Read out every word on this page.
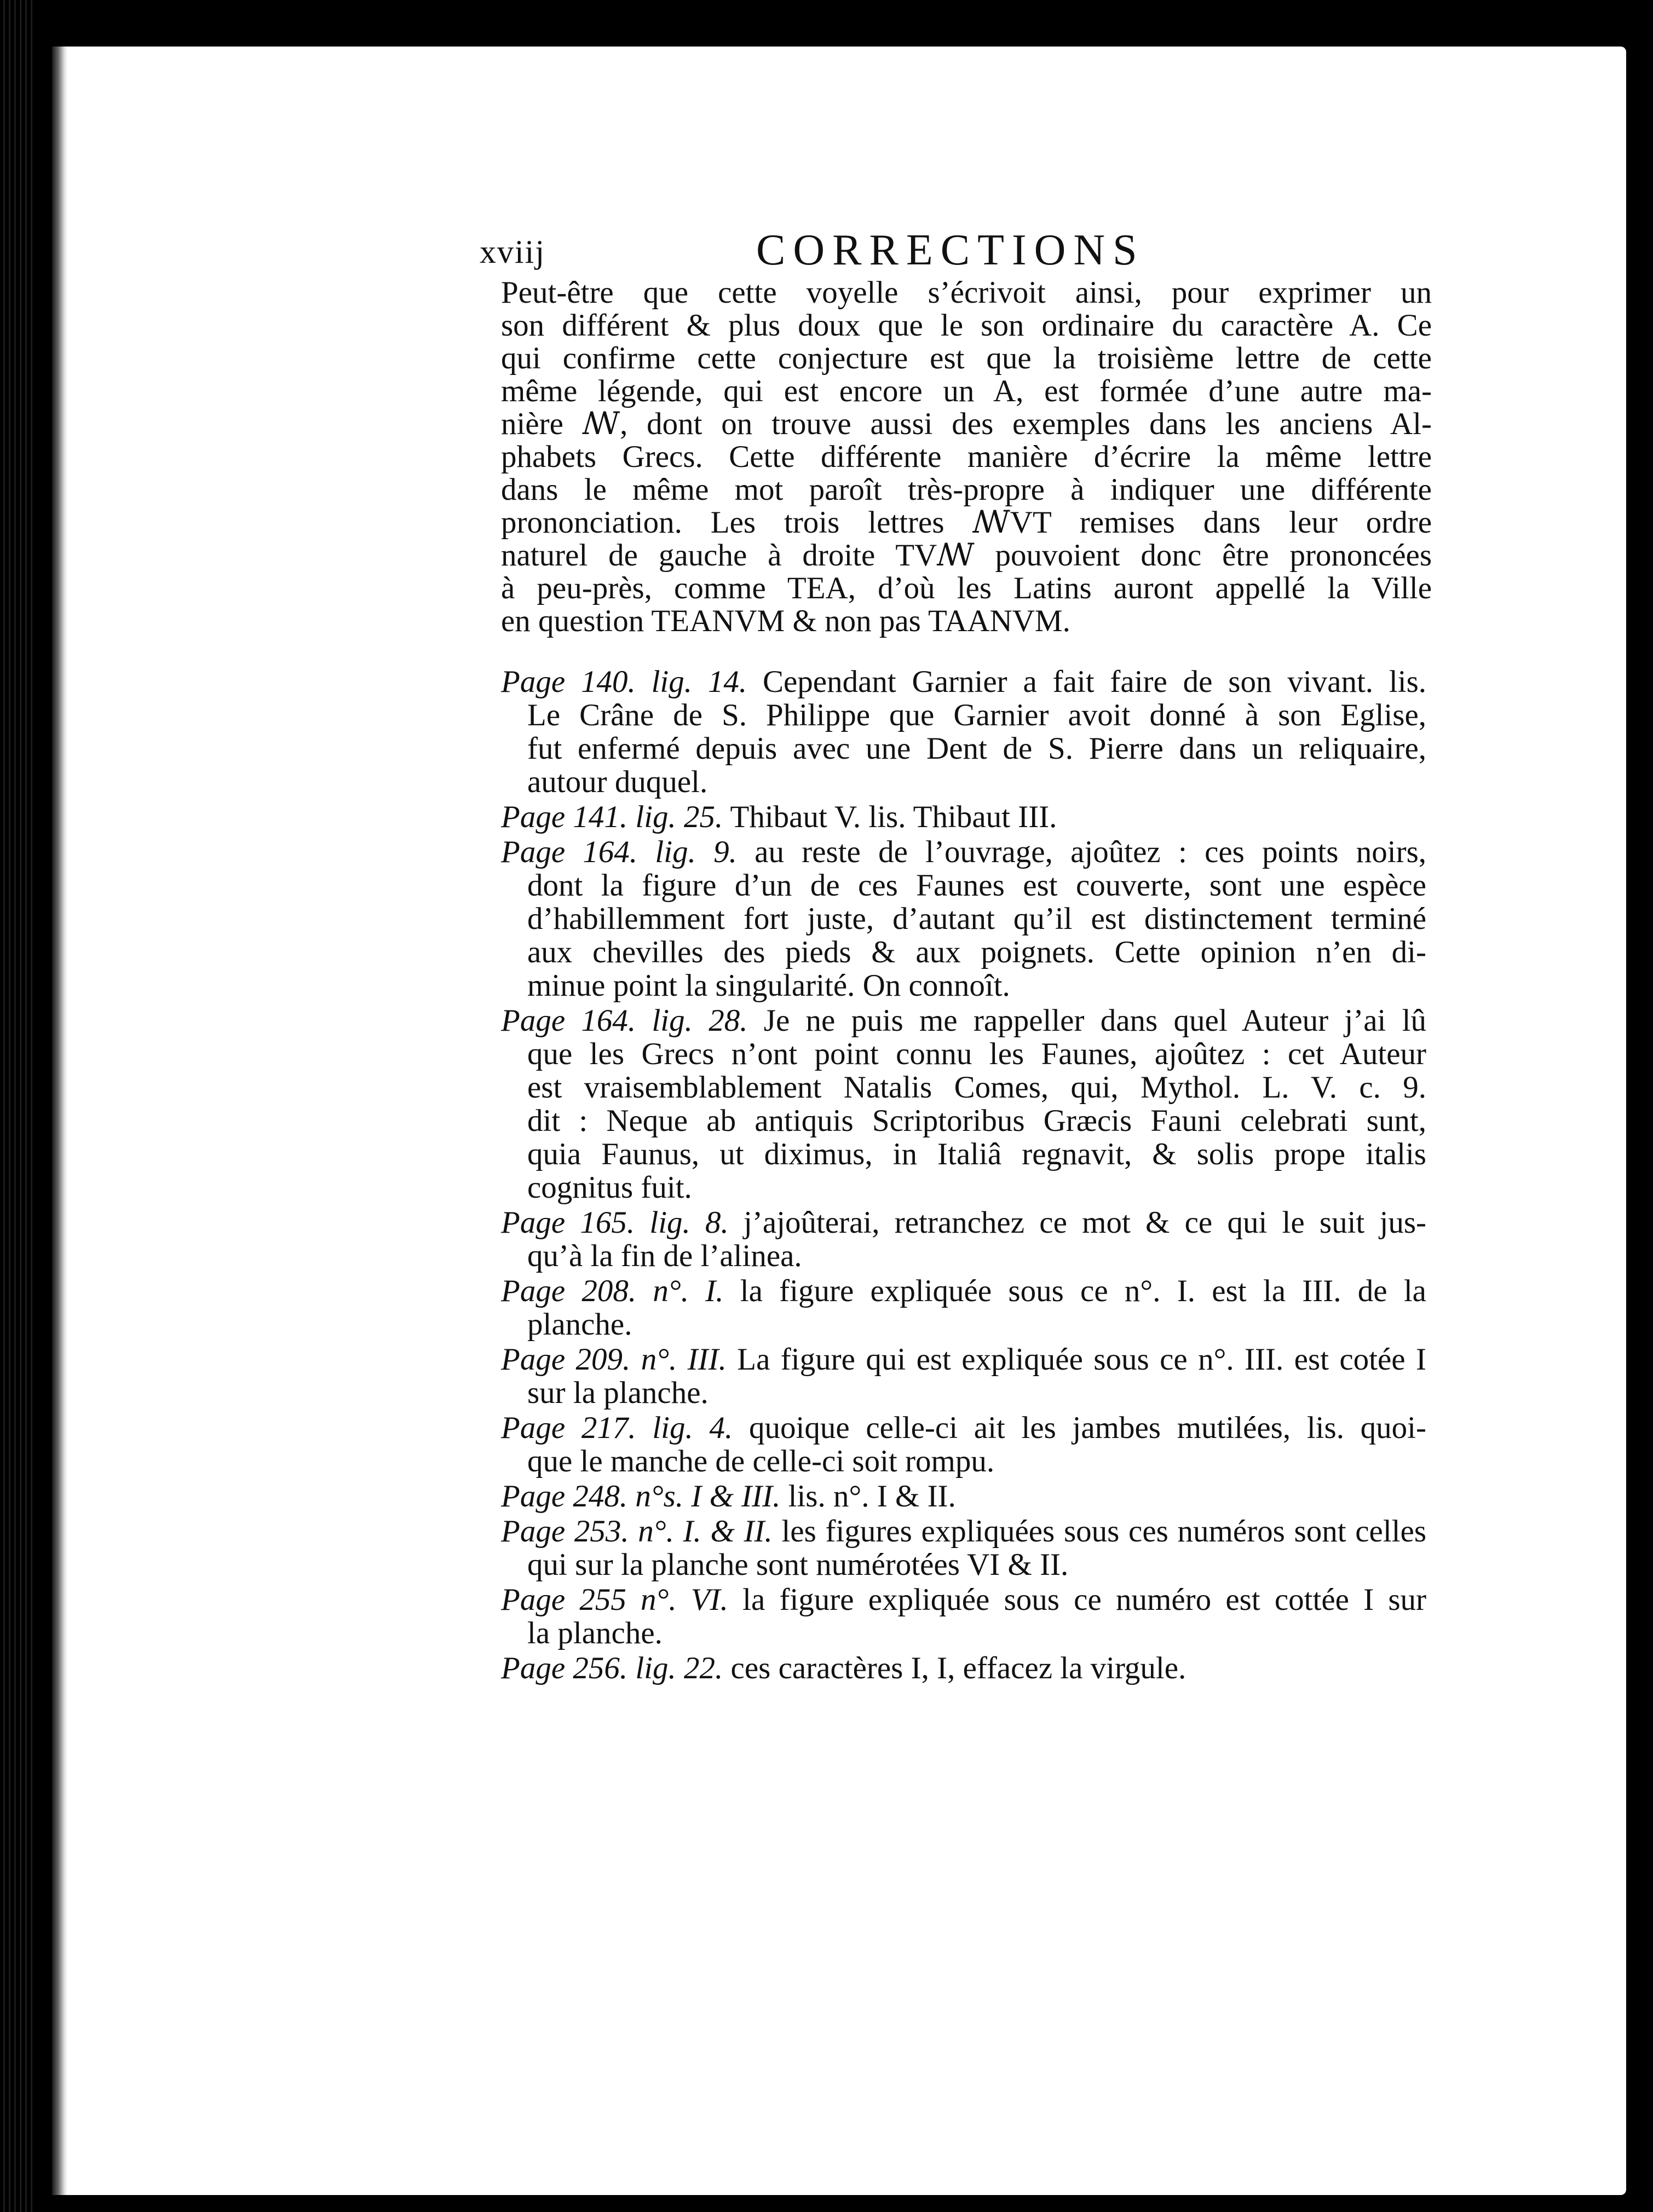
xviij	CORRECTIONS
Peut-être que cette voyelle s’écrivoit ainsi, pour exprimer un
son différent & plus doux que le son ordinaire du caractère A. Ce
qui confirme cette conjecture est que la troisième lettre de cette
même légende, qui est encore un A, est formée d’une autre ma-
nière ꟿ, dont on trouve aussi des exemples dans les anciens Al-
phabets Grecs. Cette différente manière d’écrire la même lettre
dans le même mot paroît très-propre à indiquer une différente
prononciation. Les trois lettres ꟿVT remises dans leur ordre
naturel de gauche à droite TVꟿ pouvoient donc être prononcées
à peu-près, comme TEA, d’où les Latins auront appellé la Ville
en question TEANVM & non pas TAANVM.
Page 140. lig. 14. Cependant Garnier a fait faire de son vivant. lis.
Le Crâne de S. Philippe que Garnier avoit donné à son Eglise,
fut enfermé depuis avec une Dent de S. Pierre dans un reliquaire,
autour duquel.
Page 141. lig. 25. Thibaut V. lis. Thibaut III.
Page 164. lig. 9. au reste de l’ouvrage, ajoûtez : ces points noirs,
dont la figure d’un de ces Faunes est couverte, sont une espèce
d’habillemment fort juste, d’autant qu’il est distinctement terminé
aux chevilles des pieds & aux poignets. Cette opinion n’en di-
minue point la singularité. On connoît.
Page 164. lig. 28. Je ne puis me rappeller dans quel Auteur j’ai lû
que les Grecs n’ont point connu les Faunes, ajoûtez : cet Auteur
est vraisemblablement Natalis Comes, qui, Mythol. L. V. c. 9.
dit : Neque ab antiquis Scriptoribus Græcis Fauni celebrati sunt,
quia Faunus, ut diximus, in Italiâ regnavit, & solis prope italis
cognitus fuit.
Page 165. lig. 8. j’ajoûterai, retranchez ce mot & ce qui le suit jus-
qu’à la fin de l’alinea.
Page 208. n°. I. la figure expliquée sous ce n°. I. est la III. de la
planche.
Page 209. n°. III. La figure qui est expliquée sous ce n°. III. est cotée I
sur la planche.
Page 217. lig. 4. quoique celle-ci ait les jambes mutilées, lis. quoi-
que le manche de celle-ci soit rompu.
Page 248. n°s. I & III. lis. n°. I & II.
Page 253. n°. I. & II. les figures expliquées sous ces numéros sont celles
qui sur la planche sont numérotées VI & II.
Page 255 n°. VI. la figure expliquée sous ce numéro est cottée I sur
la planche.
Page 256. lig. 22. ces caractères I, I, effacez la virgule.
